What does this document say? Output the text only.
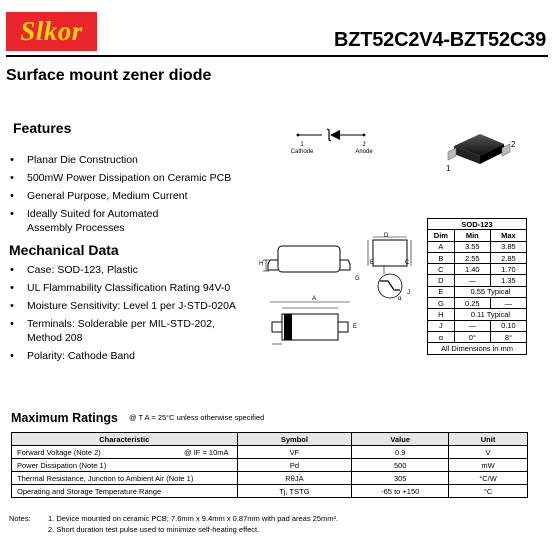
Slkor	BZT52C2V4-BZT52C39
Surface mount zener diode
Features
• Planar Die Construction
• 500mW Power Dissipation on Ceramic PCB
• General Purpose, Medium Current
• Ideally Suited for Automated Assembly Processes
Mechanical Data
• Case: SOD-123, Plastic
• UL Flammability Classification Rating 94V-0
• Moisture Sensitivity: Level 1 per J-STD-020A
• Terminals: Solderable per MIL-STD-202, Method 208
• Polarity: Cathode Band
1
Cathode
2
Anode
1
2
H	B	C
D
G
α
J
A
E
SOD-123		
Dim	Min	Max
A	3.55	3.85
B	2.55	2.85
C	1.40	1.70
D	—	1.35
E	0.55 Typical	
G	0.25	—
H	0.11 Typical	
J	—	0.10
α	0°	8°
All Dimensions in mm		
Maximum Ratings @ T A = 25°C unless otherwise specified
Characteristic	Symbol	Value	Unit
Forward Voltage (Note 2) @ IF = 10mA	VF	0.9	V
Power Dissipation (Note 1)	Pd	500	mW
Thermal Resistance, Junction to Ambient Air (Note 1)	RθJA	305	°C/W
Operating and Storage Temperature Range	Tj, TSTG	-65 to +150	°C
Notes: 1. Device mounted on ceramic PCB; 7.6mm x 9.4mm x 0.87mm with pad areas 25mm².
2. Short duration test pulse used to minimize self-heating effect.
